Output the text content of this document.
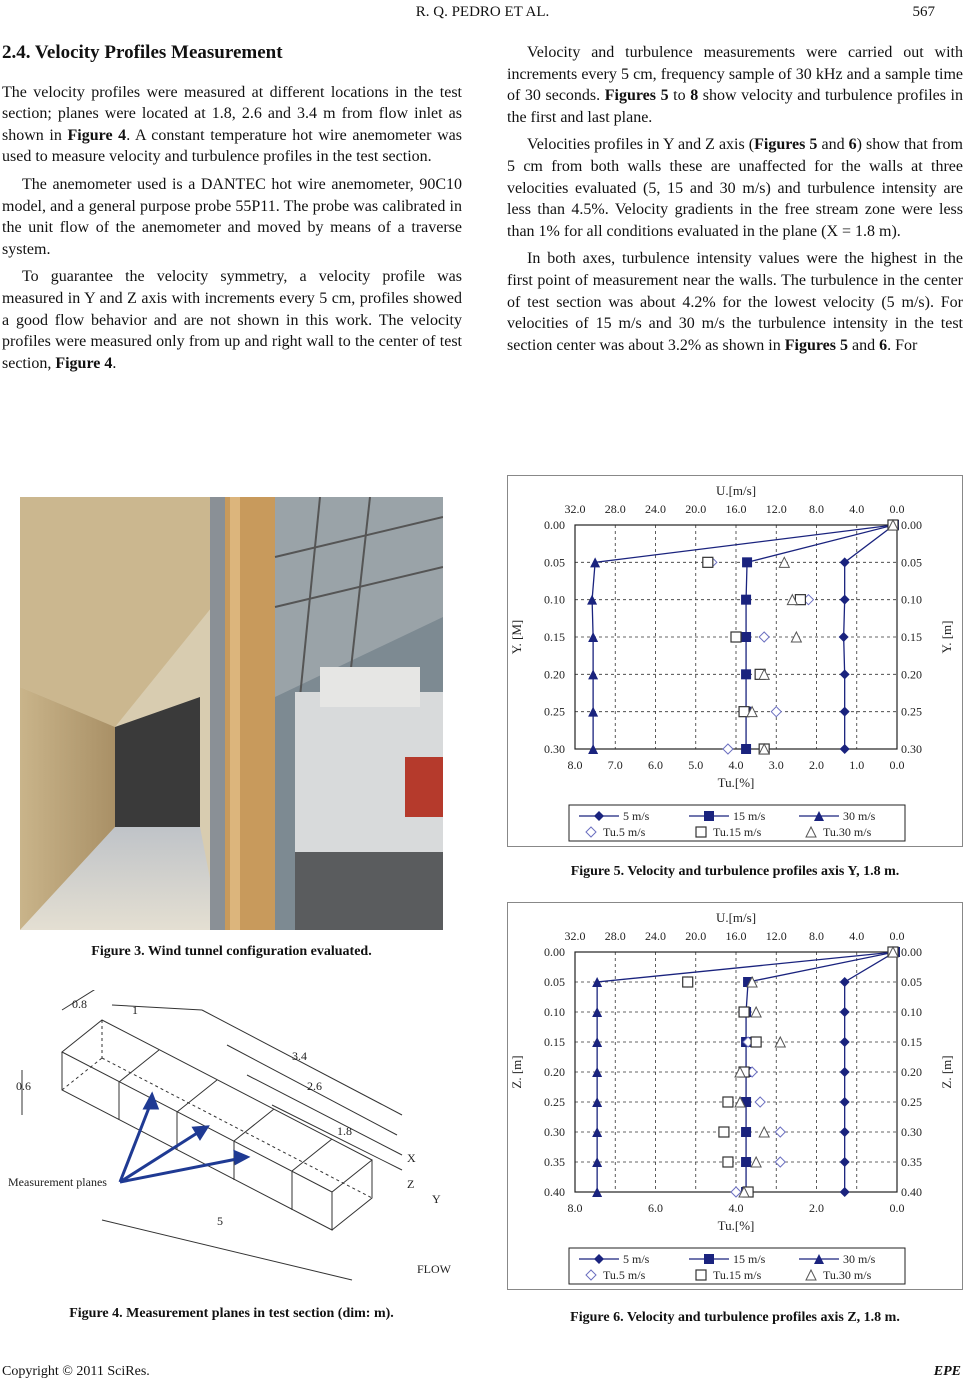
R. Q. PEDRO ET AL.	567
2.4. Velocity Profiles Measurement

The velocity profiles were measured at different locations in the test section; planes were located at 1.8, 2.6 and 3.4 m from flow inlet as shown in Figure 4. A constant temperature hot wire anemometer was used to measure velocity and turbulence profiles in the test section.

The anemometer used is a DANTEC hot wire anemometer, 90C10 model, and a general purpose probe 55P11. The probe was calibrated in the unit flow of the anemometer and moved by means of a traverse system.

To guarantee the velocity symmetry, a velocity profile was measured in Y and Z axis with increments every 5 cm, profiles showed a good flow behavior and are not shown in this work. The velocity profiles were measured only from up and right wall to the center of test section, Figure 4.

Velocity and turbulence measurements were carried out with increments every 5 cm, frequency sample of 30 kHz and a sample time of 30 seconds. Figures 5 to 8 show velocity and turbulence profiles in the first and last plane.

Velocities profiles in Y and Z axis (Figures 5 and 6) show that from 5 cm from both walls these are unaffected for the walls at three velocities evaluated (5, 15 and 30 m/s) and turbulence intensity are less than 4.5%. Velocity gradients in the free stream zone were less than 1% for all conditions evaluated in the plane (X = 1.8 m).

In both axes, turbulence intensity values were the highest in the first point of measurement near the walls. The turbulence in the center of test section was about 4.2% for the lowest velocity (5 m/s). For velocities of 15 m/s and 30 m/s the turbulence intensity in the test section center was about 3.2% as shown in Figures 5 and 6. For

Figure 3. Wind tunnel configuration evaluated.
0.8	1
0.6
3.4
2.6
1.8
5
X
Z
Y
FLOW
Measurement planes
Figure 4. Measurement planes in test section (dim: m).
32.0 28.0 24.0 20.0 16.0 12.0 8.0 4.0 0.0
8.0 7.0 6.0 5.0 4.0 3.0 2.0 1.0 0.0
0.00	0.00
0.05	0.05
0.10	0.10
0.15	0.15
0.20	0.20
0.25	0.25
0.30	0.30
U.[m/s]
Tu.[%]
Y. [M]	Y. [m]
5 m/s	15 m/s	30 m/s
Tu.5 m/s	Tu.15 m/s	Tu.30 m/s
Figure 5. Velocity and turbulence profiles axis Y, 1.8 m.
32.0 28.0 24.0 20.0 16.0 12.0 8.0 4.0 0.0
8.0	6.0	4.0	2.0	0.0
0.00	0.00
0.05	0.05
0.10	0.10
0.15	0.15
0.20	0.20
0.25	0.25
0.30	0.30
0.35	0.35
0.40	0.40
U.[m/s]
Tu.[%]
Z. [m]	Z. [m]
5 m/s	15 m/s	30 m/s
Tu.5 m/s	Tu.15 m/s	Tu.30 m/s
Figure 6. Velocity and turbulence profiles axis Z, 1.8 m.
Copyright © 2011 SciRes.	EPE
